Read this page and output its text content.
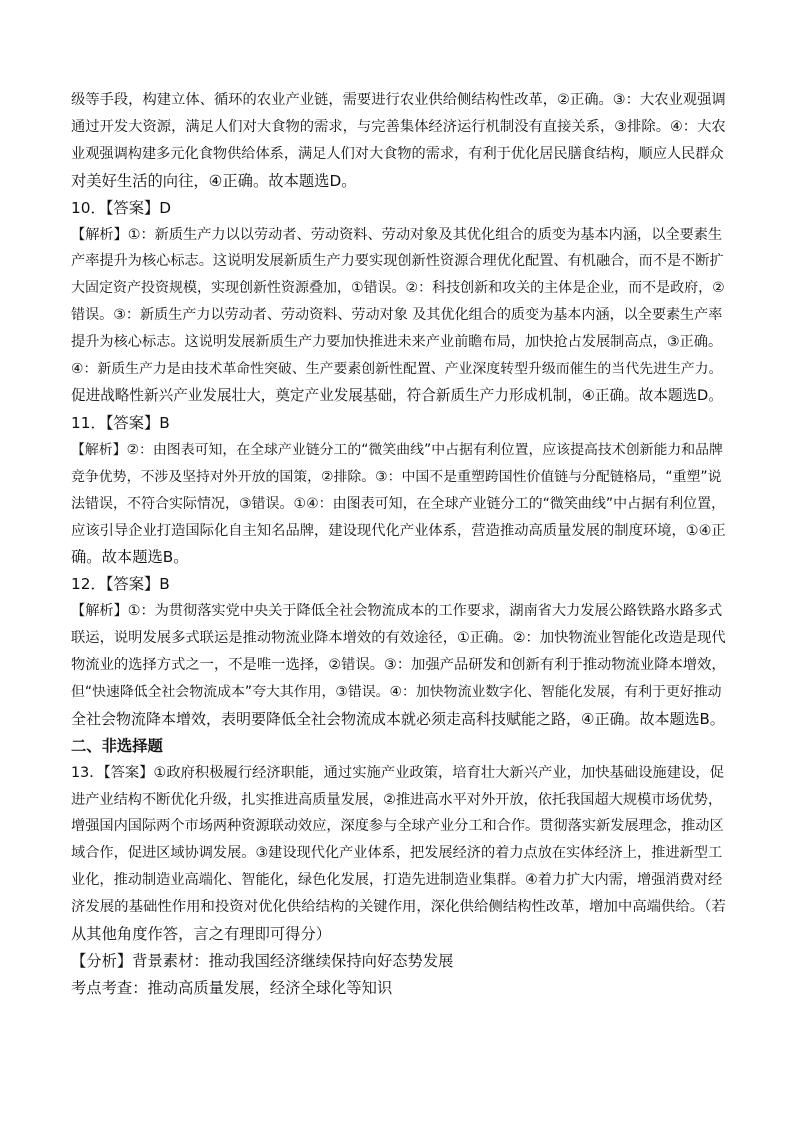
级等手段，构建立体、循环的农业产业链，需要进行农业供给侧结构性改革，②正确。③：大农业观强调

通过开发大资源，满足人们对大食物的需求，与完善集体经济运行机制没有直接关系，③排除。④：大农

业观强调构建多元化食物供给体系，满足人们对大食物的需求，有利于优化居民膳食结构，顺应人民群众

对美好生活的向往，④正确。故本题选D。

10．【答案】D

【解析】①：新质生产力以以劳动者、劳动资料、劳动对象及其优化组合的质变为基本内涵，以全要素生

产率提升为核心标志。这说明发展新质生产力要实现创新性资源合理优化配置、有机融合，而不是不断扩

大固定资产投资规模，实现创新性资源叠加，①错误。②：科技创新和攻关的主体是企业，而不是政府，②

错误。③：新质生产力以劳动者、劳动资料、劳动对象 及其优化组合的质变为基本内涵，以全要素生产率

提升为核心标志。这说明发展新质生产力要加快推进未来产业前瞻布局，加快抢占发展制高点，③正确。

④：新质生产力是由技术革命性突破、生产要素创新性配置、产业深度转型升级而催生的当代先进生产力。

促进战略性新兴产业发展壮大，奠定产业发展基础，符合新质生产力形成机制，④正确。故本题选D。

11．【答案】B

【解析】②：由图表可知，在全球产业链分工的“微笑曲线”中占据有利位置，应该提高技术创新能力和品牌

竞争优势，不涉及坚持对外开放的国策，②排除。③：中国不是重塑跨国性价值链与分配链格局，“重塑”说

法错误，不符合实际情况，③错误。①④：由图表可知，在全球产业链分工的“微笑曲线”中占据有利位置，

应该引导企业打造国际化自主知名品牌，建设现代化产业体系，营造推动高质量发展的制度环境，①④正

确。故本题选B。

12．【答案】B

【解析】①：为贯彻落实党中央关于降低全社会物流成本的工作要求，湖南省大力发展公路铁路水路多式

联运，说明发展多式联运是推动物流业降本增效的有效途径，①正确。②：加快物流业智能化改造是现代

物流业的选择方式之一，不是唯一选择，②错误。③：加强产品研发和创新有利于推动物流业降本增效，

但“快速降低全社会物流成本”夸大其作用，③错误。④：加快物流业数字化、智能化发展，有利于更好推动

全社会物流降本增效，表明要降低全社会物流成本就必须走高科技赋能之路，④正确。故本题选B。

二、非选择题

13．【答案】①政府积极履行经济职能，通过实施产业政策，培育壮大新兴产业，加快基础设施建设，促

进产业结构不断优化升级，扎实推进高质量发展，②推进高水平对外开放，依托我国超大规模市场优势，

增强国内国际两个市场两种资源联动效应，深度参与全球产业分工和合作。贯彻落实新发展理念，推动区

域合作，促进区域协调发展。③建设现代化产业体系，把发展经济的着力点放在实体经济上，推进新型工

业化，推动制造业高端化、智能化，绿色化发展，打造先进制造业集群。④着力扩大内需，增强消费对经

济发展的基础性作用和投资对优化供给结构的关键作用，深化供给侧结构性改革，增加中高端供给。（若

从其他角度作答，言之有理即可得分）

【分析】背景素材：推动我国经济继续保持向好态势发展

考点考查：推动高质量发展，经济全球化等知识
